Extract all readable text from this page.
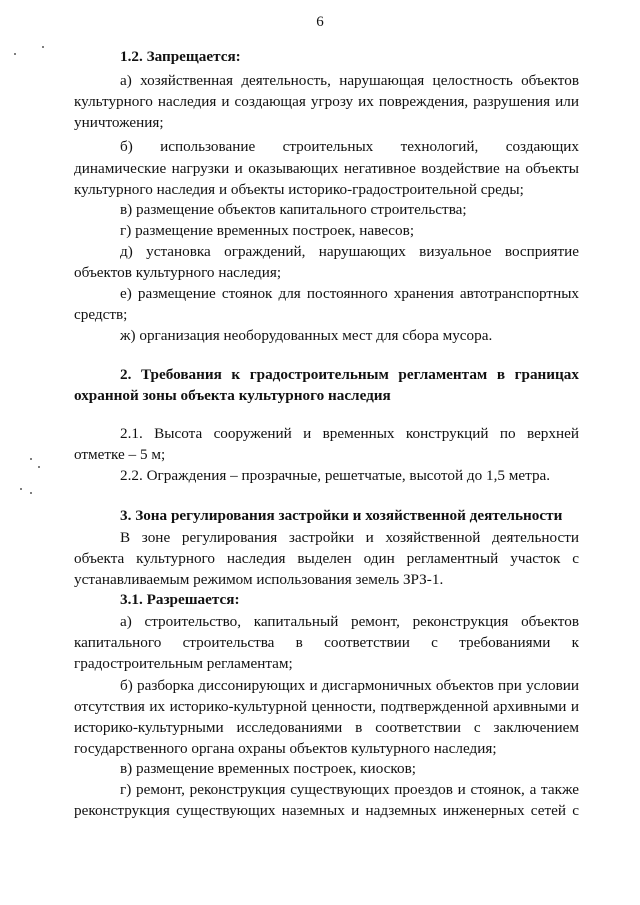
6
1.2. Запрещается:
а) хозяйственная деятельность, нарушающая целостность объектов
культурного наследия и создающая угрозу их повреждения, разрушения или
уничтожения;
б) использование строительных технологий, создающих
динамические нагрузки и оказывающих негативное воздействие на объекты
культурного наследия и объекты историко-градостроительной среды;
в) размещение объектов капитального строительства;
г) размещение временных построек, навесов;
д) установка ограждений, нарушающих визуальное восприятие
объектов культурного наследия;
е) размещение стоянок для постоянного хранения автотранспортных
средств;
ж) организация необорудованных мест для сбора мусора.
2. Требования к градостроительным регламентам в границах
охранной зоны объекта культурного наследия
2.1. Высота сооружений и временных конструкций по верхней
отметке – 5 м;
2.2. Ограждения – прозрачные, решетчатые, высотой до 1,5 метра.
3. Зона регулирования застройки и хозяйственной деятельности
В зоне регулирования застройки и хозяйственной деятельности
объекта культурного наследия выделен один регламентный участок с
устанавливаемым режимом использования земель ЗРЗ-1.
3.1. Разрешается:
а) строительство, капитальный ремонт, реконструкция объектов
капитального строительства в соответствии с требованиями к
градостроительным регламентам;
б) разборка диссонирующих и дисгармоничных объектов при условии
отсутствия их историко-культурной ценности, подтвержденной архивными и
историко-культурными исследованиями в соответствии с заключением
государственного органа охраны объектов культурного наследия;
в) размещение временных построек, киосков;
г) ремонт, реконструкция существующих проездов и стоянок, а также
реконструкция существующих наземных и надземных инженерных сетей с
